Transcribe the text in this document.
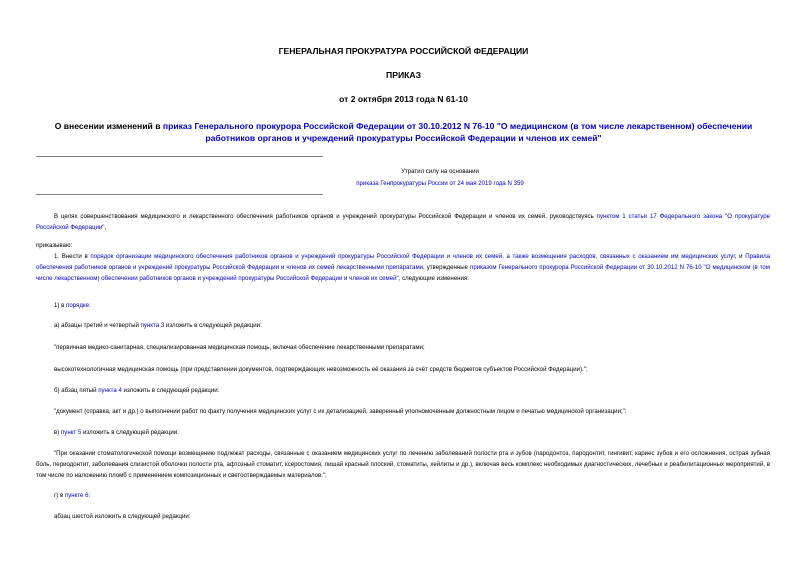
ГЕНЕРАЛЬНАЯ ПРОКУРАТУРА РОССИЙСКОЙ ФЕДЕРАЦИИ
ПРИКАЗ
от 2 октября 2013 года N 61-10
О внесении изменений в приказ Генерального прокурора Российской Федерации от 30.10.2012 N 76-10 "О медицинском (в том числе лекарственном) обеспечении работников органов и учреждений прокуратуры Российской Федерации и членов их семей"
Утратил силу на основании
приказа Генпрокуратуры России от 24 мая 2019 года N 359
В целях совершенствования медицинского и лекарственного обеспечения работников органов и учреждений прокуратуры Российской Федерации и членов их семей, руководствуясь пунктом 1 статьи 17 Федерального закона "О прокуратуре Российской Федерации",
приказываю:
1. Внести в порядок организации медицинского обеспечения работников органов и учреждений прокуратуры Российской Федерации и членов их семей, а также возмещения расходов, связанных с оказанием им медицинских услуг, и Правила обеспечения работников органов и учреждений прокуратуры Российской Федерации и членов их семей лекарственными препаратами, утвержденные приказом Генерального прокурора Российской Федерации от 30.10.2012 N 76-10 "О медицинском (в том числе лекарственном) обеспечении работников органов и учреждений прокуратуры Российской Федерации и членов их семей", следующие изменения:
1) в порядке:
а) абзацы третий и четвертый пункта 3 изложить в следующей редакции:
"первичная медико-санитарная, специализированная медицинская помощь, включая обеспечение лекарственными препаратами;
высокотехнологичная медицинская помощь (при представлении документов, подтверждающих невозможность её оказания за счёт средств бюджетов субъектов Российской Федерации).";
б) абзац пятый пункта 4 изложить в следующей редакции:
"документ (справка, акт и др.) о выполнении работ по факту получения медицинских услуг с их детализацией, заверенный уполномоченным должностным лицом и печатью медицинской организации;";
в) пункт 5 изложить в следующей редакции:
"При оказании стоматологической помощи возмещению подлежат расходы, связанные с оказанием медицинских услуг по лечению заболеваний полости рта и зубов (пародонтоз, пародонтит, гингивит, кариес зубов и его осложнения, острая зубная боль, периодонтит, заболевания слизистой оболочки полости рта, афтозный стоматит, ксеростомия, лишай красный плоский, стоматиты, хейлиты и др.), включая весь комплекс необходимых диагностических, лечебных и реабилитационных мероприятий, в том числе по наложению пломб с применением композиционных и светоотверждаемых материалов.";
г) в пункте 6:
абзац шестой изложить в следующей редакции:
